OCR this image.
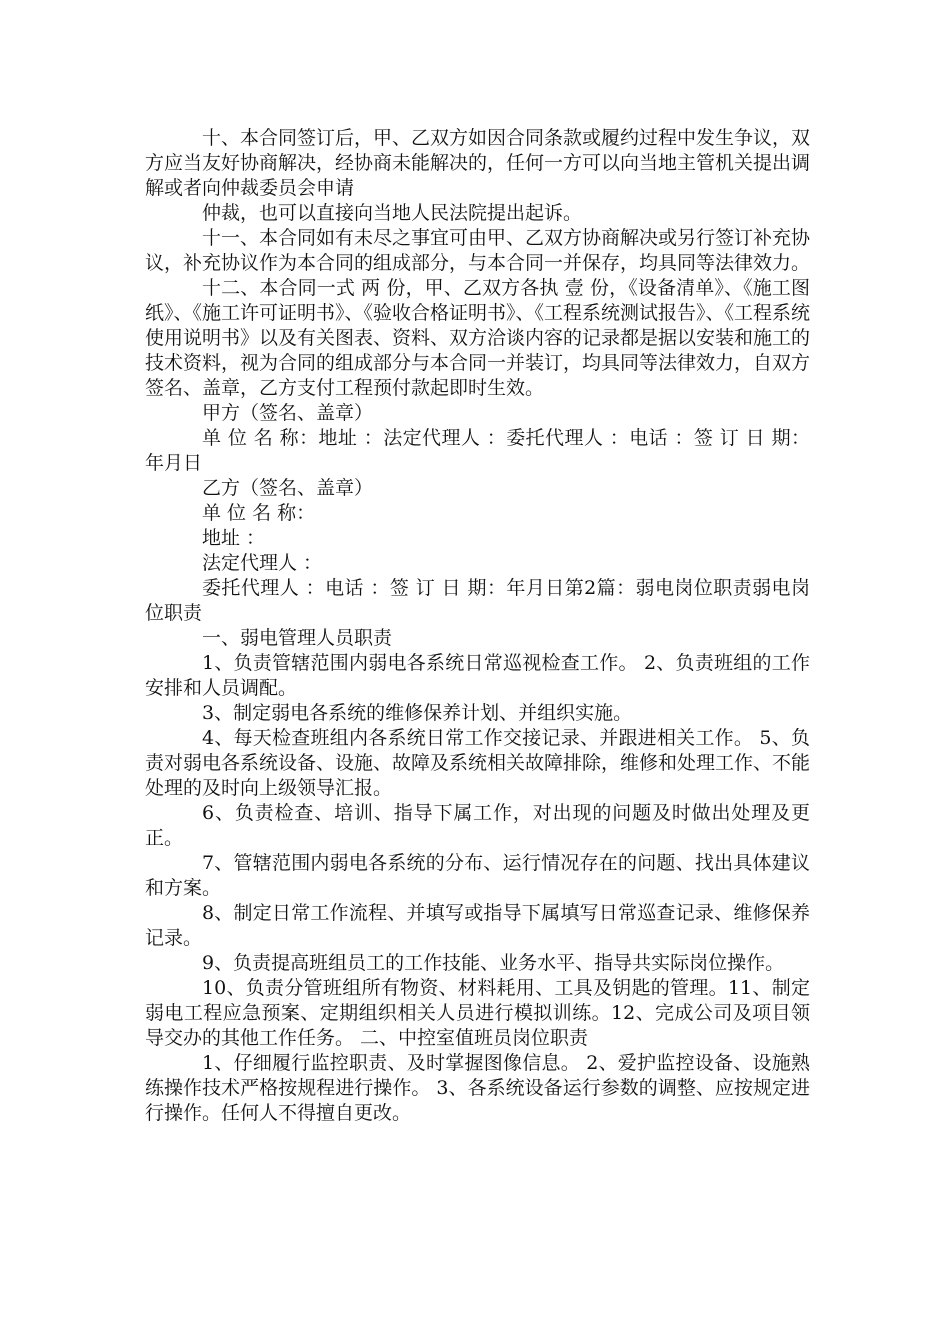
十、本合同签订后，甲、乙双方如因合同条款或履约过程中发生争议，双方应当友好协商解决，经协商未能解决的，任何一方可以向当地主管机关提出调解或者向仲裁委员会申请

仲裁，也可以直接向当地人民法院提出起诉。

十一、本合同如有未尽之事宜可由甲、乙双方协商解决或另行签订补充协议，补充协议作为本合同的组成部分，与本合同一并保存，均具同等法律效力。

十二、本合同一式 两 份，甲、乙双方各执 壹 份，《设备清单》、《施工图纸》、《施工许可证明书》、《验收合格证明书》、《工程系统测试报告》、《工程系统使用说明书》以及有关图表、资料、双方洽谈内容的记录都是据以安装和施工的技术资料，视为合同的组成部分与本合同一并装订，均具同等法律效力，自双方签名、盖章，乙方支付工程预付款起即时生效。

甲方（签名、盖章）

单 位 名 称：地址 ：法定代理人 ：委托代理人 ：电话 ：签 订 日 期：年月日

乙方（签名、盖章）

单 位 名 称：

地址 ：

法定代理人 ：

委托代理人 ：电话 ：签 订 日 期：年月日第2篇：弱电岗位职责弱电岗位职责

一、弱电管理人员职责

1、负责管辖范围内弱电各系统日常巡视检查工作。 2、负责班组的工作安排和人员调配。

3、制定弱电各系统的维修保养计划、并组织实施。

4、每天检查班组内各系统日常工作交接记录、并跟进相关工作。 5、负责对弱电各系统设备、设施、故障及系统相关故障排除，维修和处理工作、不能处理的及时向上级领导汇报。

6、负责检查、培训、指导下属工作，对出现的问题及时做出处理及更正。

7、管辖范围内弱电各系统的分布、运行情况存在的问题、找出具体建议和方案。

8、制定日常工作流程、并填写或指导下属填写日常巡查记录、维修保养记录。

9、负责提高班组员工的工作技能、业务水平、指导共实际岗位操作。

10、负责分管班组所有物资、材料耗用、工具及钥匙的管理。11、制定弱电工程应急预案、定期组织相关人员进行模拟训练。12、完成公司及项目领导交办的其他工作任务。 二、中控室值班员岗位职责

1、仔细履行监控职责、及时掌握图像信息。 2、爱护监控设备、设施熟练操作技术严格按规程进行操作。 3、各系统设备运行参数的调整、应按规定进行操作。任何人不得擅自更改。
